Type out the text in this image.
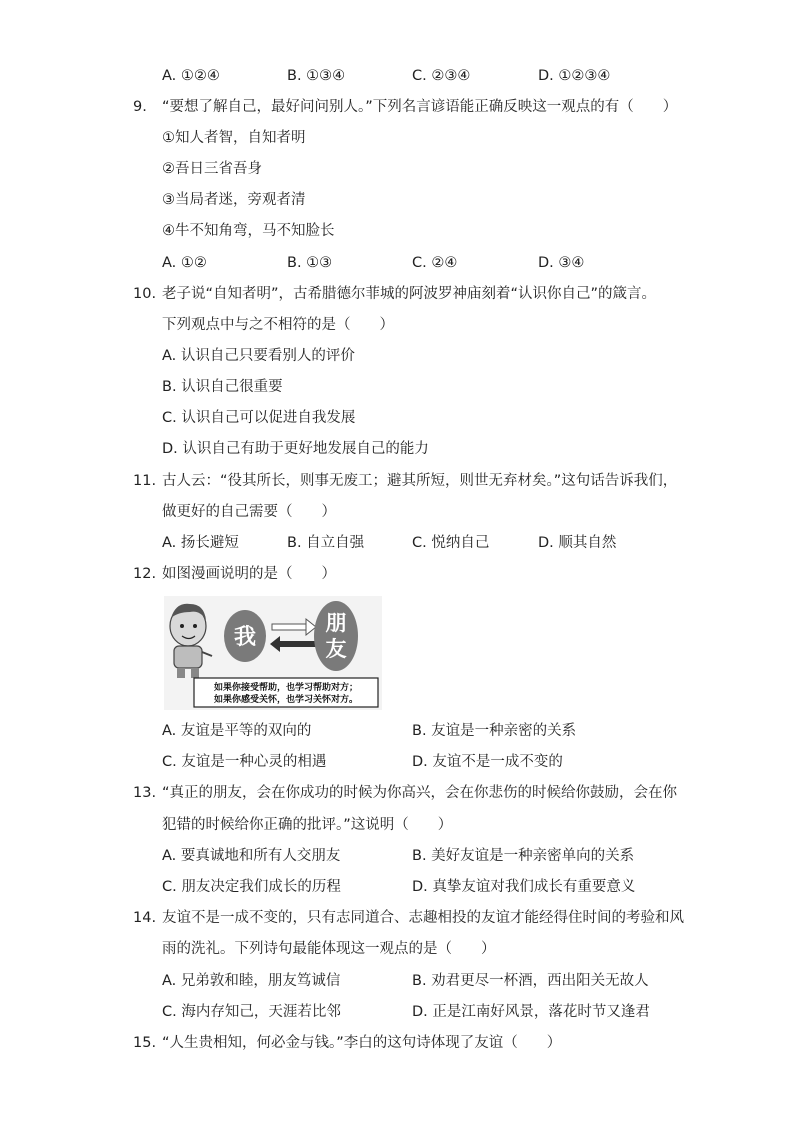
A. ①②④	B. ①③④	C. ②③④	D. ①②③④
9.	“要想了解自己，最好问问别人。”下列名言谚语能正确反映这一观点的有（　　）
①知人者智，自知者明
②吾日三省吾身
③当局者迷，旁观者清
④牛不知角弯，马不知脸长
A. ①②	B. ①③	C. ②④	D. ③④
10. 老子说“自知者明”，古希腊德尔菲城的阿波罗神庙刻着“认识你自己”的箴言。
下列观点中与之不相符的是（　　）
A. 认识自己只要看别人的评价
B. 认识自己很重要
C. 认识自己可以促进自我发展
D. 认识自己有助于更好地发展自己的能力
11. 古人云：“役其所长，则事无废工；避其所短，则世无弃材矣。”这句话告诉我们，
做更好的自己需要（　　）
A. 扬长避短	B. 自立自强	C. 悦纳自己	D. 顺其自然
12. 如图漫画说明的是（　　）
我
朋
友
如果你接受帮助，也学习帮助对方；
如果你感受关怀，也学习关怀对方。
A. 友谊是平等的双向的	B. 友谊是一种亲密的关系
C. 友谊是一种心灵的相遇	D. 友谊不是一成不变的
13. “真正的朋友，会在你成功的时候为你高兴，会在你悲伤的时候给你鼓励，会在你
犯错的时候给你正确的批评。”这说明（　　）
A. 要真诚地和所有人交朋友	B. 美好友谊是一种亲密单向的关系
C. 朋友决定我们成长的历程	D. 真挚友谊对我们成长有重要意义
14. 友谊不是一成不变的，只有志同道合、志趣相投的友谊才能经得住时间的考验和风
雨的洗礼。下列诗句最能体现这一观点的是（　　）
A. 兄弟敦和睦，朋友笃诚信	B. 劝君更尽一杯酒，西出阳关无故人
C. 海内存知己，天涯若比邻	D. 正是江南好风景，落花时节又逢君
15. “人生贵相知，何必金与钱。”李白的这句诗体现了友谊（　　）
